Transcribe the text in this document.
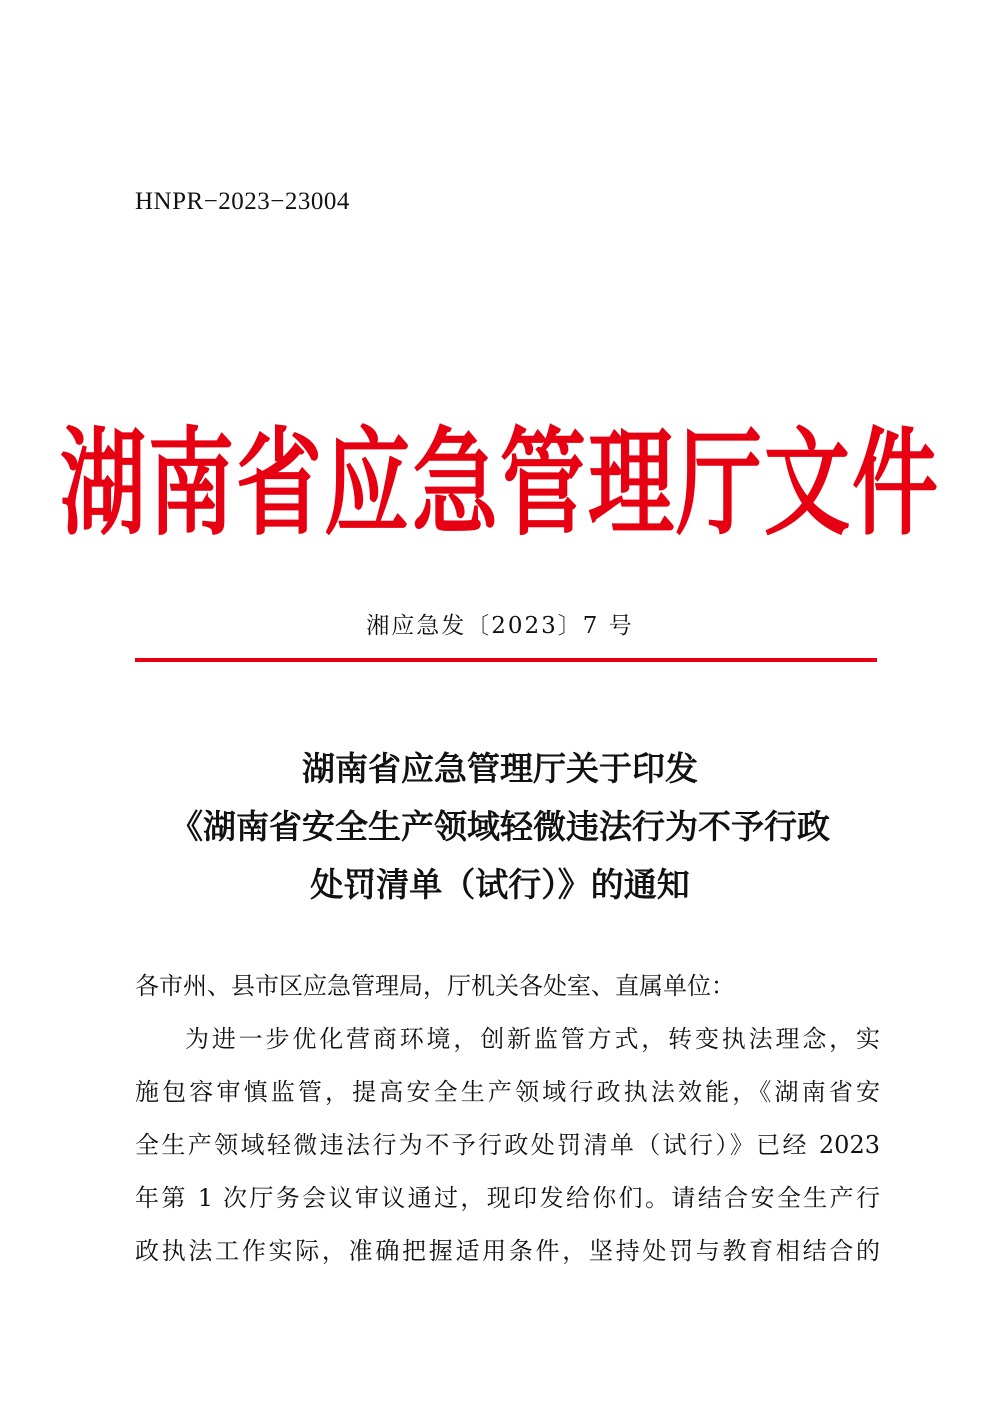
HNPR−2023−23004
湖南省应急管理厅文件
湘应急发〔2023〕7 号
湖南省应急管理厅关于印发
《湖南省安全生产领域轻微违法行为不予行政
处罚清单（试行）》的通知
各市州、县市区应急管理局，厅机关各处室、直属单位：
为进一步优化营商环境，创新监管方式，转变执法理念，实
施包容审慎监管，提高安全生产领域行政执法效能，《湖南省安
全生产领域轻微违法行为不予行政处罚清单（试行）》已经 2023
年第 1 次厅务会议审议通过，现印发给你们。请结合安全生产行
政执法工作实际，准确把握适用条件，坚持处罚与教育相结合的
